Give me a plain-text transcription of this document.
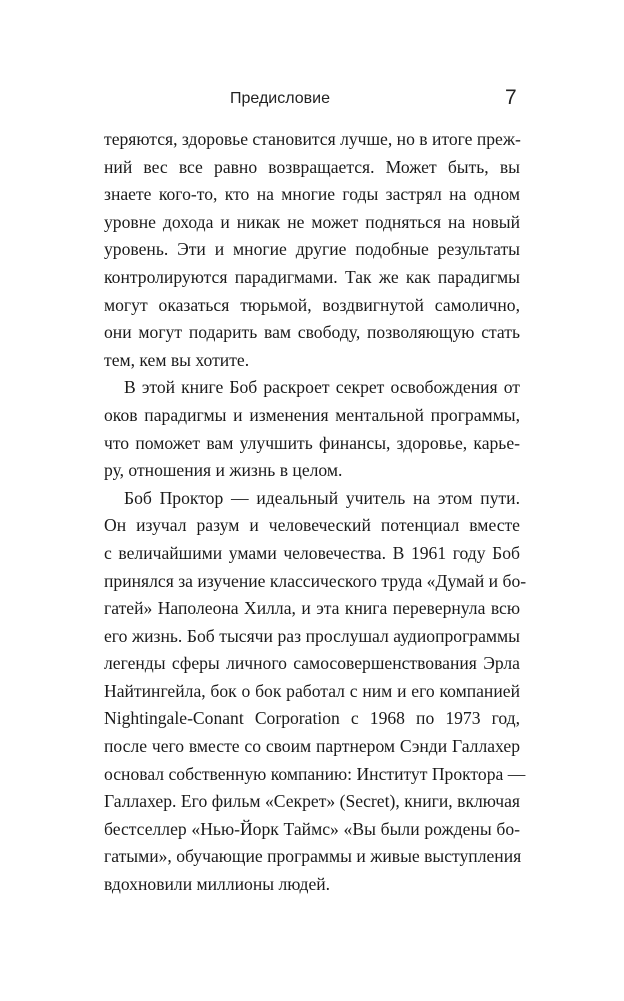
Предисловие	7
теряются, здоровье становится лучше, но в итоге преж-
ний вес все равно возвращается. Может быть, вы
знаете кого-то, кто на многие годы застрял на одном
уровне дохода и никак не может подняться на новый
уровень. Эти и многие другие подобные результаты
контролируются парадигмами. Так же как парадигмы
могут оказаться тюрьмой, воздвигнутой самолично,
они могут подарить вам свободу, позволяющую стать
тем, кем вы хотите.
В этой книге Боб раскроет секрет освобождения от
оков парадигмы и изменения ментальной программы,
что поможет вам улучшить финансы, здоровье, карье-
ру, отношения и жизнь в целом.
Боб Проктор — идеальный учитель на этом пути.
Он изучал разум и человеческий потенциал вместе
с величайшими умами человечества. В 1961 году Боб
принялся за изучение классического труда «Думай и бо-
гатей» Наполеона Хилла, и эта книга перевернула всю
его жизнь. Боб тысячи раз прослушал аудиопрограммы
легенды сферы личного самосовершенствования Эрла
Найтингейла, бок о бок работал с ним и его компанией
Nightingale-Conant Corporation с 1968 по 1973 год,
после чего вместе со своим партнером Сэнди Галлахер
основал собственную компанию: Институт Проктора —
Галлахер. Его фильм «Секрет» (Secret), книги, включая
бестселлер «Нью-Йорк Таймс» «Вы были рождены бо-
гатыми», обучающие программы и живые выступления
вдохновили миллионы людей.
